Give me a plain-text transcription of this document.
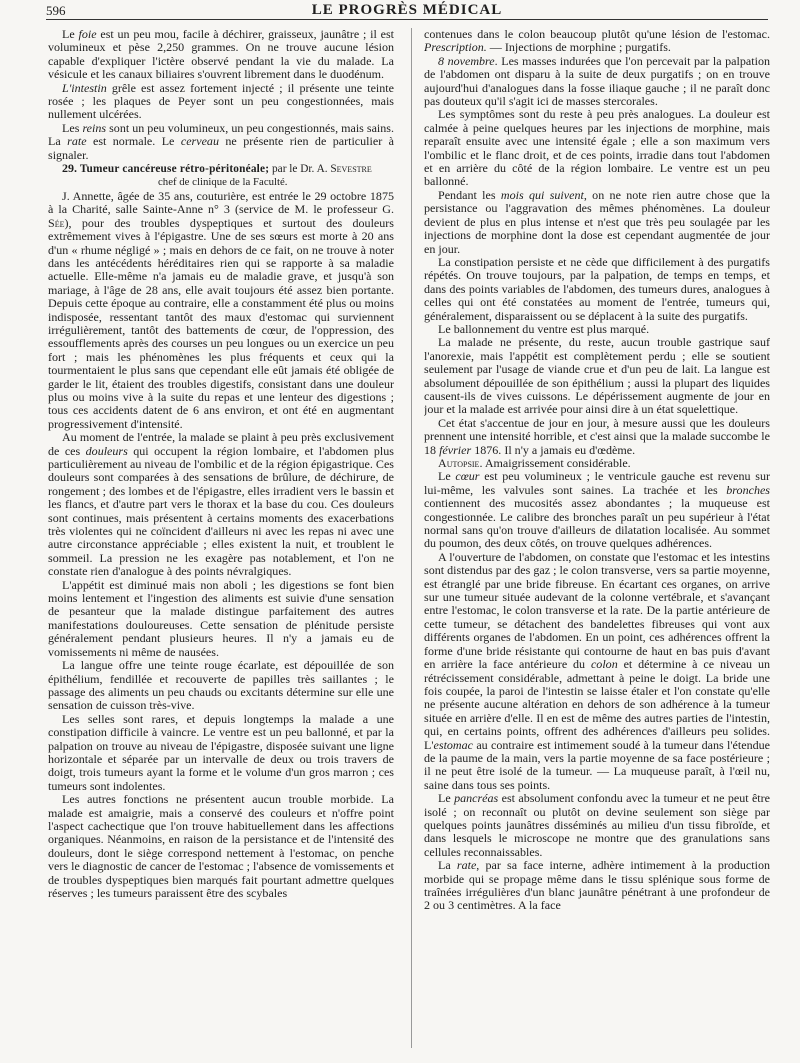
596	LE PROGRÈS MÉDICAL

Le foie est un peu mou, facile à déchirer, graisseux, jaunâtre ; il est volumineux et pèse 2,250 grammes. On ne trouve aucune lésion capable d'expliquer l'ictère observé pendant la vie du malade. La vésicule et les canaux biliaires s'ouvrent librement dans le duodénum.

L'intestin grêle est assez fortement injecté ; il présente une teinte rosée ; les plaques de Peyer sont un peu congestionnées, mais nullement ulcérées.

Les reins sont un peu volumineux, un peu congestionnés, mais sains. La rate est normale. Le cerveau ne présente rien de particulier à signaler.

29. Tumeur cancéreuse rétro-péritonéale; par le Dr. A. Sevestre
chef de clinique de la Faculté.

J. Annette, âgée de 35 ans, couturière, est entrée le 29 octobre 1875 à la Charité, salle Sainte-Anne n° 3 (service de M. le professeur G. Sée), pour des troubles dyspeptiques et surtout des douleurs extrêmement vives à l'épigastre. Une de ses sœurs est morte à 20 ans d'un « rhume négligé » ; mais en dehors de ce fait, on ne trouve à noter dans les antécédents héréditaires rien qui se rapporte à sa maladie actuelle. Elle-même n'a jamais eu de maladie grave, et jusqu'à son mariage, à l'âge de 28 ans, elle avait toujours été assez bien portante. Depuis cette époque au contraire, elle a constamment été plus ou moins indisposée, ressentant tantôt des maux d'estomac qui surviennent irrégulièrement, tantôt des battements de cœur, de l'oppression, des essoufflements après des courses un peu longues ou un exercice un peu fort ; mais les phénomènes les plus fréquents et ceux qui la tourmentaient le plus sans que cependant elle eût jamais été obligée de garder le lit, étaient des troubles digestifs, consistant dans une douleur plus ou moins vive à la suite du repas et une lenteur des digestions ; tous ces accidents datent de 6 ans environ, et ont été en augmentant progressivement d'intensité.

Au moment de l'entrée, la malade se plaint à peu près exclusivement de ces douleurs qui occupent la région lombaire, et l'abdomen plus particulièrement au niveau de l'ombilic et de la région épigastrique. Ces douleurs sont comparées à des sensations de brûlure, de déchirure, de rongement ; des lombes et de l'épigastre, elles irradient vers le bassin et les flancs, et d'autre part vers le thorax et la base du cou. Ces douleurs sont continues, mais présentent à certains moments des exacerbations très violentes qui ne coïncident d'ailleurs ni avec les repas ni avec une autre circonstance appréciable ; elles existent la nuit, et troublent le sommeil. La pression ne les exagère pas notablement, et l'on ne constate rien d'analogue à des points névralgiques.

L'appétit est diminué mais non aboli ; les digestions se font bien moins lentement et l'ingestion des aliments est suivie d'une sensation de pesanteur que la malade distingue parfaitement des autres manifestations douloureuses. Cette sensation de plénitude persiste généralement pendant plusieurs heures. Il n'y a jamais eu de vomissements ni même de nausées.

La langue offre une teinte rouge écarlate, est dépouillée de son épithélium, fendillée et recouverte de papilles très saillantes ; le passage des aliments un peu chauds ou excitants détermine sur elle une sensation de cuisson très-vive.

Les selles sont rares, et depuis longtemps la malade a une constipation difficile à vaincre. Le ventre est un peu ballonné, et par la palpation on trouve au niveau de l'épigastre, disposée suivant une ligne horizontale et séparée par un intervalle de deux ou trois travers de doigt, trois tumeurs ayant la forme et le volume d'un gros marron ; ces tumeurs sont indolentes.

Les autres fonctions ne présentent aucun trouble morbide. La malade est amaigrie, mais a conservé des couleurs et n'offre point l'aspect cachectique que l'on trouve habituellement dans les affections organiques. Néanmoins, en raison de la persistance et de l'intensité des douleurs, dont le siège correspond nettement à l'estomac, on penche vers le diagnostic de cancer de l'estomac ; l'absence de vomissements et de troubles dyspeptiques bien marqués fait pourtant admettre quelques réserves ; les tumeurs paraissent être des scybales

contenues dans le colon beaucoup plutôt qu'une lésion de l'estomac. Prescription. — Injections de morphine ; purgatifs.

8 novembre. Les masses indurées que l'on percevait par la palpation de l'abdomen ont disparu à la suite de deux purgatifs ; on en trouve aujourd'hui d'analogues dans la fosse iliaque gauche ; il ne paraît donc pas douteux qu'il s'agit ici de masses stercorales.

Les symptômes sont du reste à peu près analogues. La douleur est calmée à peine quelques heures par les injections de morphine, mais reparaît ensuite avec une intensité égale ; elle a son maximum vers l'ombilic et le flanc droit, et de ces points, irradie dans tout l'abdomen et en arrière du côté de la région lombaire. Le ventre est un peu ballonné.

Pendant les mois qui suivent, on ne note rien autre chose que la persistance ou l'aggravation des mêmes phénomènes. La douleur devient de plus en plus intense et n'est que très peu soulagée par les injections de morphine dont la dose est cependant augmentée de jour en jour.

La constipation persiste et ne cède que difficilement à des purgatifs répétés. On trouve toujours, par la palpation, de temps en temps, et dans des points variables de l'abdomen, des tumeurs dures, analogues à celles qui ont été constatées au moment de l'entrée, tumeurs qui, généralement, disparaissent ou se déplacent à la suite des purgatifs.

Le ballonnement du ventre est plus marqué.

La malade ne présente, du reste, aucun trouble gastrique sauf l'anorexie, mais l'appétit est complètement perdu ; elle se soutient seulement par l'usage de viande crue et d'un peu de lait. La langue est absolument dépouillée de son épithélium ; aussi la plupart des liquides causent-ils de vives cuissons. Le dépérissement augmente de jour en jour et la malade est arrivée pour ainsi dire à un état squelettique.

Cet état s'accentue de jour en jour, à mesure aussi que les douleurs prennent une intensité horrible, et c'est ainsi que la malade succombe le 18 février 1876. Il n'y a jamais eu d'œdème.

Autopsie. Amaigrissement considérable.

Le cœur est peu volumineux ; le ventricule gauche est revenu sur lui-même, les valvules sont saines. La trachée et les bronches contiennent des mucosités assez abondantes ; la muqueuse est congestionnée. Le calibre des bronches paraît un peu supérieur à l'état normal sans qu'on trouve d'ailleurs de dilatation localisée. Au sommet du poumon, des deux côtés, on trouve quelques adhérences.

A l'ouverture de l'abdomen, on constate que l'estomac et les intestins sont distendus par des gaz ; le colon transverse, vers sa partie moyenne, est étranglé par une bride fibreuse. En écartant ces organes, on arrive sur une tumeur située audevant de la colonne vertébrale, et s'avançant entre l'estomac, le colon transverse et la rate. De la partie antérieure de cette tumeur, se détachent des bandelettes fibreuses qui vont aux différents organes de l'abdomen. En un point, ces adhérences offrent la forme d'une bride résistante qui contourne de haut en bas puis d'avant en arrière la face antérieure du colon et détermine à ce niveau un rétrécissement considérable, admettant à peine le doigt. La bride une fois coupée, la paroi de l'intestin se laisse étaler et l'on constate qu'elle ne présente aucune altération en dehors de son adhérence à la tumeur située en arrière d'elle. Il en est de même des autres parties de l'intestin, qui, en certains points, offrent des adhérences d'ailleurs peu solides. L'estomac au contraire est intimement soudé à la tumeur dans l'étendue de la paume de la main, vers la partie moyenne de sa face postérieure ; il ne peut être isolé de la tumeur. — La muqueuse paraît, à l'œil nu, saine dans tous ses points.

Le pancréas est absolument confondu avec la tumeur et ne peut être isolé ; on reconnaît ou plutôt on devine seulement son siège par quelques points jaunâtres disséminés au milieu d'un tissu fibroïde, et dans lesquels le microscope ne montre que des granulations sans cellules reconnaissables.

La rate, par sa face interne, adhère intimement à la production morbide qui se propage même dans le tissu splénique sous forme de traînées irrégulières d'un blanc jaunâtre pénétrant à une profondeur de 2 ou 3 centimètres. A la face
